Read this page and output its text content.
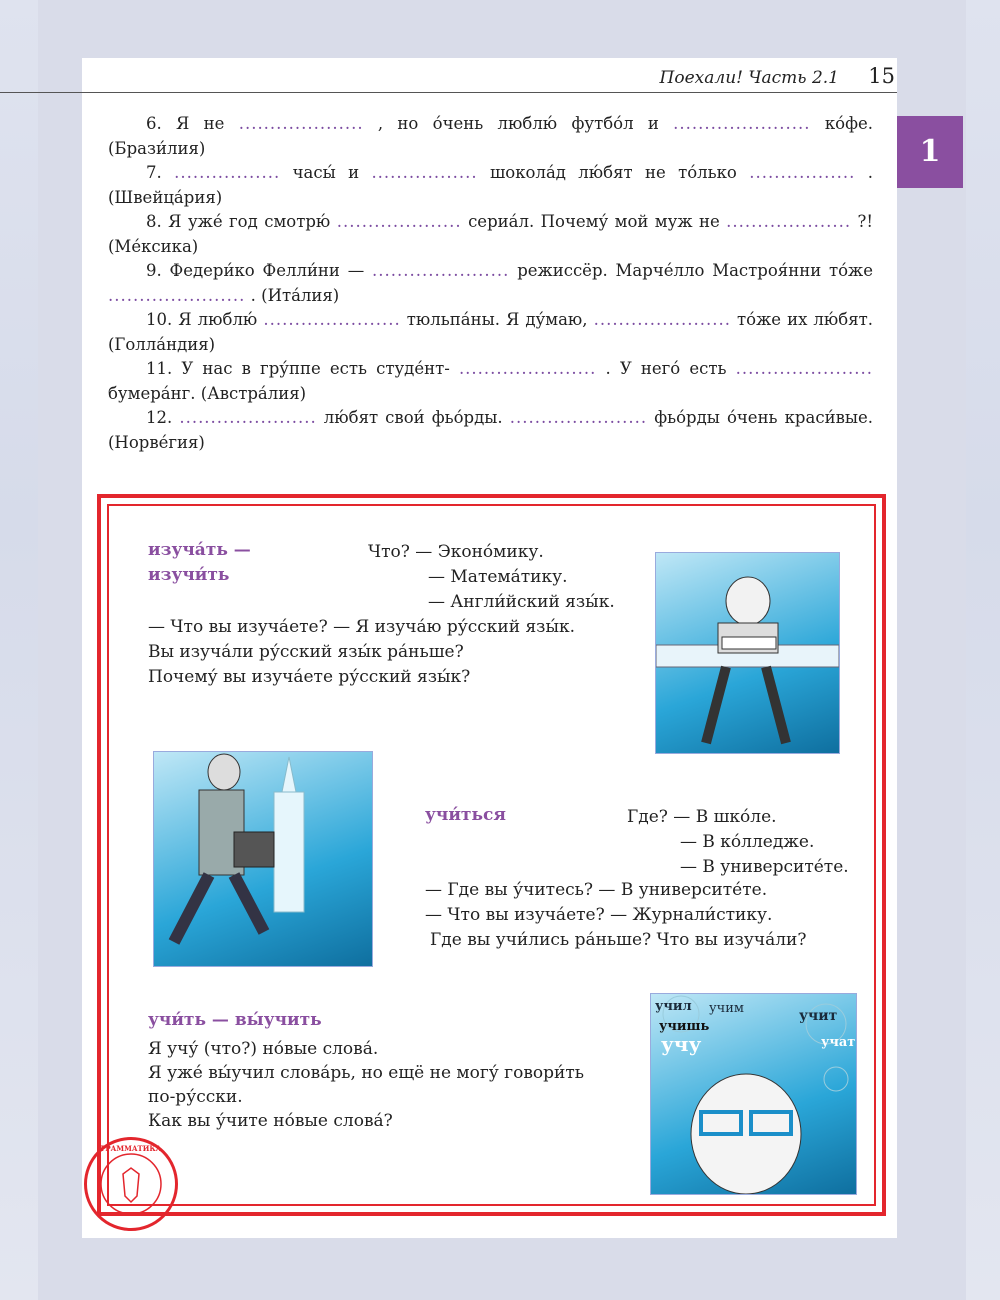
Поехали! Часть 2.1 15
1

6. Я не .................... , но о́чень люблю́ футбо́л и ...................... ко́фе. (Брази́лия)

7. ................. часы́ и ................. шокола́д лю́бят не то́лько ................. . (Швейца́рия)

8. Я уже́ год смотрю́ .................... сериа́л. Почему́ мой муж не .................... ?! (Ме́ксика)

9. Федери́ко Фелли́ни — ...................... режиссёр. Марче́лло Мастроя́нни то́же ...................... . (Ита́лия)

10. Я люблю́ ...................... тюльпа́ны. Я ду́маю, ...................... то́же их лю́бят. (Голла́ндия)

11. У нас в гру́ппе есть студе́нт- ...................... . У него́ есть ...................... бумера́нг. (Австра́лия)

12. ...................... лю́бят свои́ фьо́рды. ...................... фьо́рды о́чень краси́вые. (Норве́гия)

изуча́ть —
изучи́ть
Что? — Эконо́мику.
— Матема́тику.
— Англи́йский язы́к.
— Что вы изуча́ете? — Я изуча́ю ру́сский язы́к.
Вы изуча́ли ру́сский язы́к ра́ньше?
Почему́ вы изуча́ете ру́сский язы́к?
учи́ться	Где? — В шко́ле.
— В ко́лледже.
— В университе́те.
— Где вы у́читесь? — В университе́те.
— Что вы изуча́ете? — Журнали́стику.
Где вы учи́лись ра́ньше? Что вы изуча́ли?
учи́ть — вы́учить
Я учу́ (что?) но́вые слова́.
Я уже́ вы́учил слова́рь, но ещё не могу́ говори́ть
по-ру́сски.
Как вы у́чите но́вые слова́?
учил учим	учит
учишь
учу	учат
ГРАММАТИКА
